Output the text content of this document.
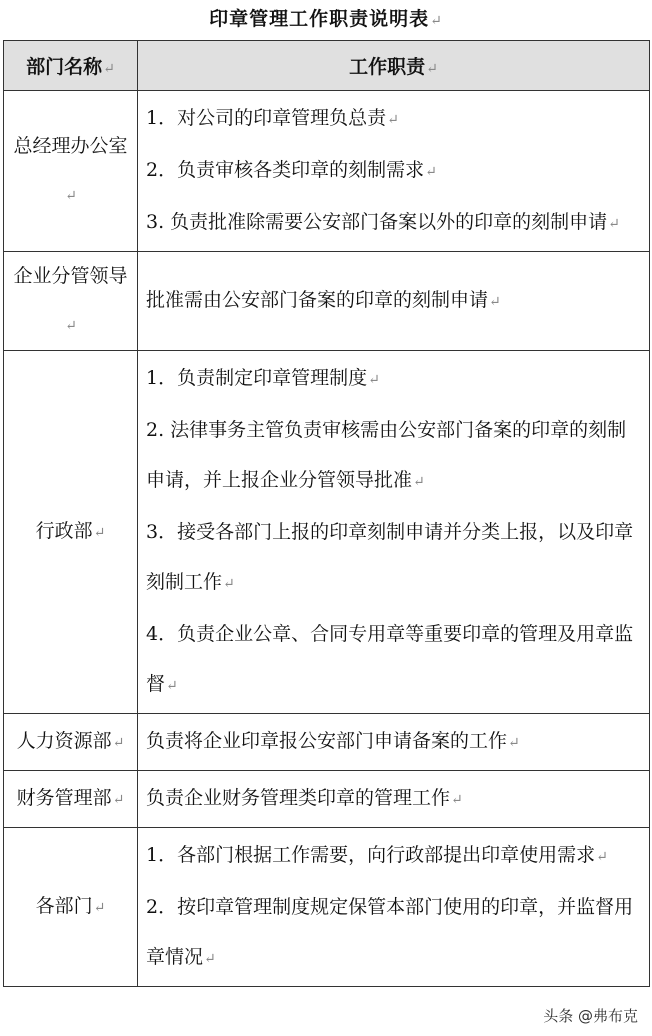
印章管理工作职责说明表↵
部门名称↵	工作职责↵
总经理办公室↵	1．对公司的印章管理负总责↵
2．负责审核各类印章的刻制需求↵
3. 负责批准除需要公安部门备案以外的印章的刻制申请↵

企业分管领导↵	批准需由公安部门备案的印章的刻制申请↵

行政部↵	1．负责制定印章管理制度↵
2. 法律事务主管负责审核需由公安部门备案的印章的刻制申请，并上报企业分管领导批准↵
3．接受各部门上报的印章刻制申请并分类上报，以及印章刻制工作↵
4．负责企业公章、合同专用章等重要印章的管理及用章监督↵

人力资源部↵	负责将企业印章报公安部门申请备案的工作↵

财务管理部↵	负责企业财务管理类印章的管理工作↵

各部门↵	1．各部门根据工作需要，向行政部提出印章使用需求↵
2．按印章管理制度规定保管本部门使用的印章，并监督用章情况↵
头条 @弗布克
